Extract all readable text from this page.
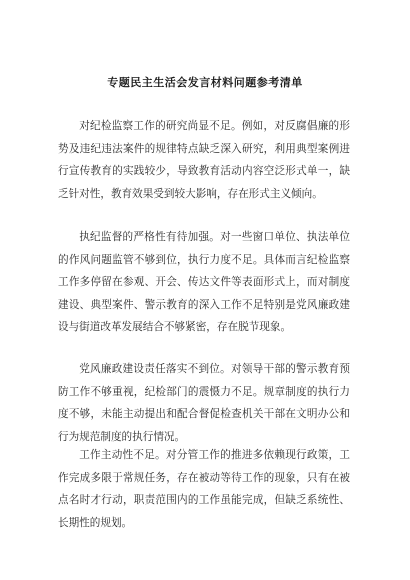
专题民主生活会发言材料问题参考清单

对纪检监察工作的研究尚显不足。例如，对反腐倡廉的形势及违纪违法案件的规律特点缺乏深入研究，利用典型案例进行宣传教育的实践较少，导致教育活动内容空泛形式单一，缺乏针对性，教育效果受到较大影响，存在形式主义倾向。

执纪监督的严格性有待加强。对一些窗口单位、执法单位的作风问题监管不够到位，执行力度不足。具体而言纪检监察工作多停留在参观、开会、传达文件等表面形式上，而对制度建设、典型案件、警示教育的深入工作不足特别是党风廉政建设与街道改革发展结合不够紧密，存在脱节现象。

党风廉政建设责任落实不到位。对领导干部的警示教育预防工作不够重视，纪检部门的震慑力不足。规章制度的执行力度不够，未能主动提出和配合督促检查机关干部在文明办公和行为规范制度的执行情况。

工作主动性不足。对分管工作的推进多依赖现行政策，工作完成多限于常规任务，存在被动等待工作的现象，只有在被点名时才行动，职责范围内的工作虽能完成，但缺乏系统性、长期性的规划。
